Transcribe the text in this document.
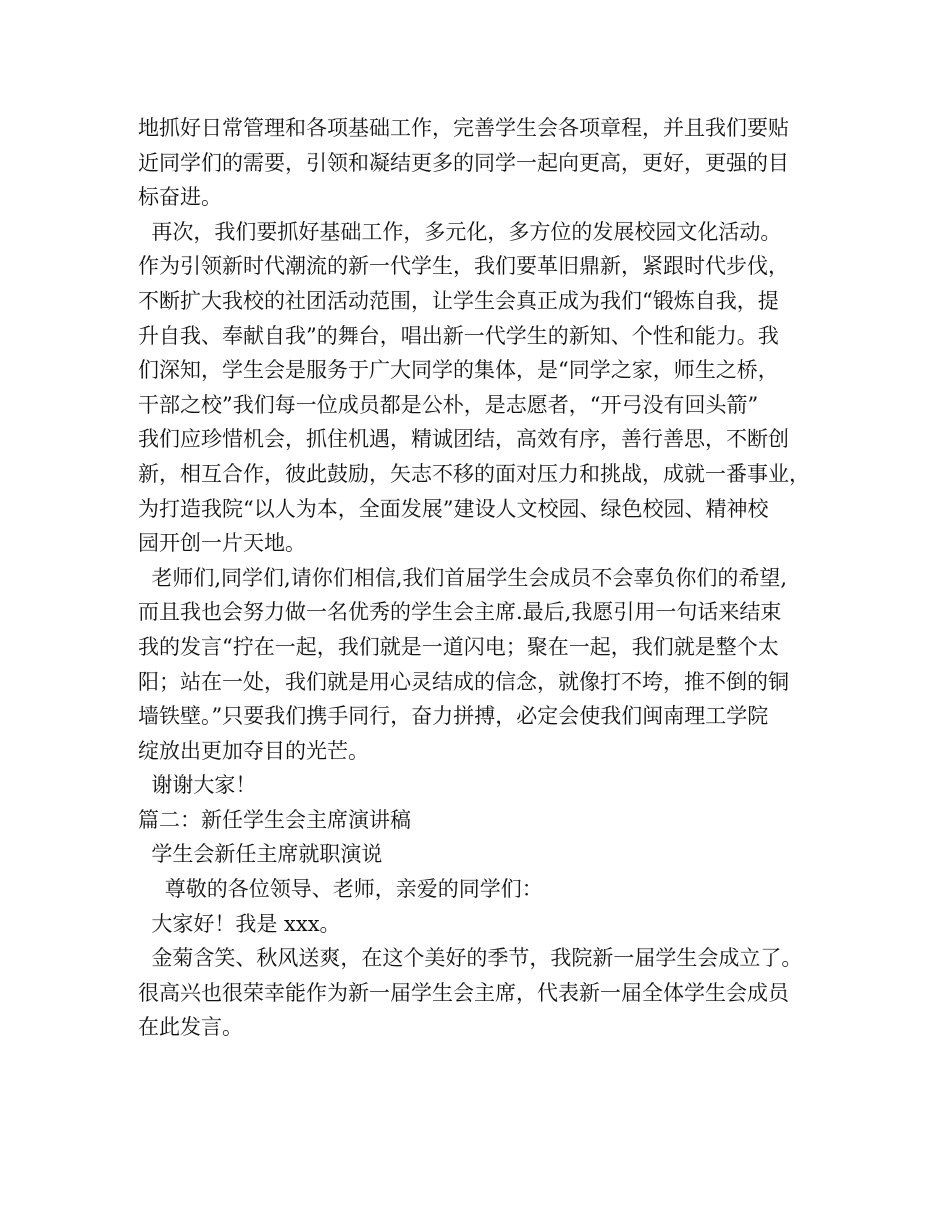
地抓好日常管理和各项基础工作，完善学生会各项章程，并且我们要贴
近同学们的需要，引领和凝结更多的同学一起向更高，更好，更强的目
标奋进。
再次，我们要抓好基础工作，多元化，多方位的发展校园文化活动。
作为引领新时代潮流的新一代学生，我们要革旧鼎新，紧跟时代步伐，
不断扩大我校的社团活动范围，让学生会真正成为我们“锻炼自我，提
升自我、奉献自我”的舞台，唱出新一代学生的新知、个性和能力。我
们深知，学生会是服务于广大同学的集体，是“同学之家，师生之桥，
干部之校”我们每一位成员都是公朴，是志愿者，“开弓没有回头箭”
我们应珍惜机会，抓住机遇，精诚团结，高效有序，善行善思，不断创
新，相互合作，彼此鼓励，矢志不移的面对压力和挑战，成就一番事业，
为打造我院“以人为本，全面发展”建设人文校园、绿色校园、精神校
园开创一片天地。
老师们,同学们,请你们相信,我们首届学生会成员不会辜负你们的希望,
而且我也会努力做一名优秀的学生会主席.最后,我愿引用一句话来结束
我的发言“拧在一起，我们就是一道闪电；聚在一起，我们就是整个太
阳；站在一处，我们就是用心灵结成的信念，就像打不垮，推不倒的铜
墙铁壁。”只要我们携手同行，奋力拼搏，必定会使我们闽南理工学院
绽放出更加夺目的光芒。
谢谢大家！
篇二：新任学生会主席演讲稿
学生会新任主席就职演说
尊敬的各位领导、老师，亲爱的同学们：
大家好！我是 xxx。
金菊含笑、秋风送爽，在这个美好的季节，我院新一届学生会成立了。
很高兴也很荣幸能作为新一届学生会主席，代表新一届全体学生会成员
在此发言。
